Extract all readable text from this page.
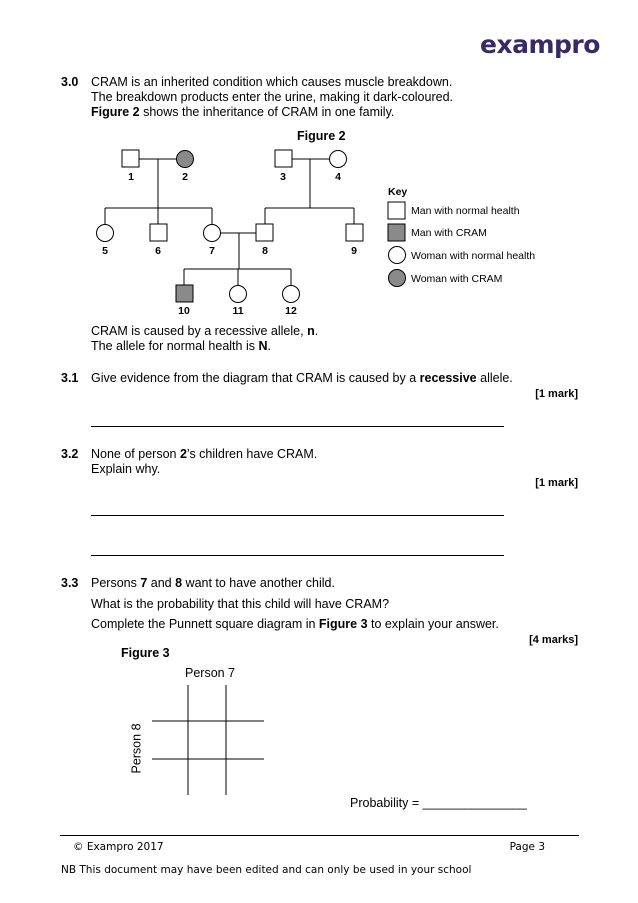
exampro
3.0 CRAM is an inherited condition which causes muscle breakdown.
The breakdown products enter the urine, making it dark-coloured.
Figure 2 shows the inheritance of CRAM in one family.
Figure 2
1	2	3	4
5	6	7	8	9
10	11	12
Key
Man with normal health
Man with CRAM
Woman with normal health
Woman with CRAM
CRAM is caused by a recessive allele, n.
The allele for normal health is N.
3.1 Give evidence from the diagram that CRAM is caused by a recessive allele.
[1 mark]
3.2 None of person 2’s children have CRAM.
Explain why.
[1 mark]
3.3 Persons 7 and 8 want to have another child.
What is the probability that this child will have CRAM?
Complete the Punnett square diagram in Figure 3 to explain your answer.
[4 marks]
Figure 3
Person 7
Person 8
Probability = _______________
© Exampro 2017	Page 3
NB This document may have been edited and can only be used in your school
